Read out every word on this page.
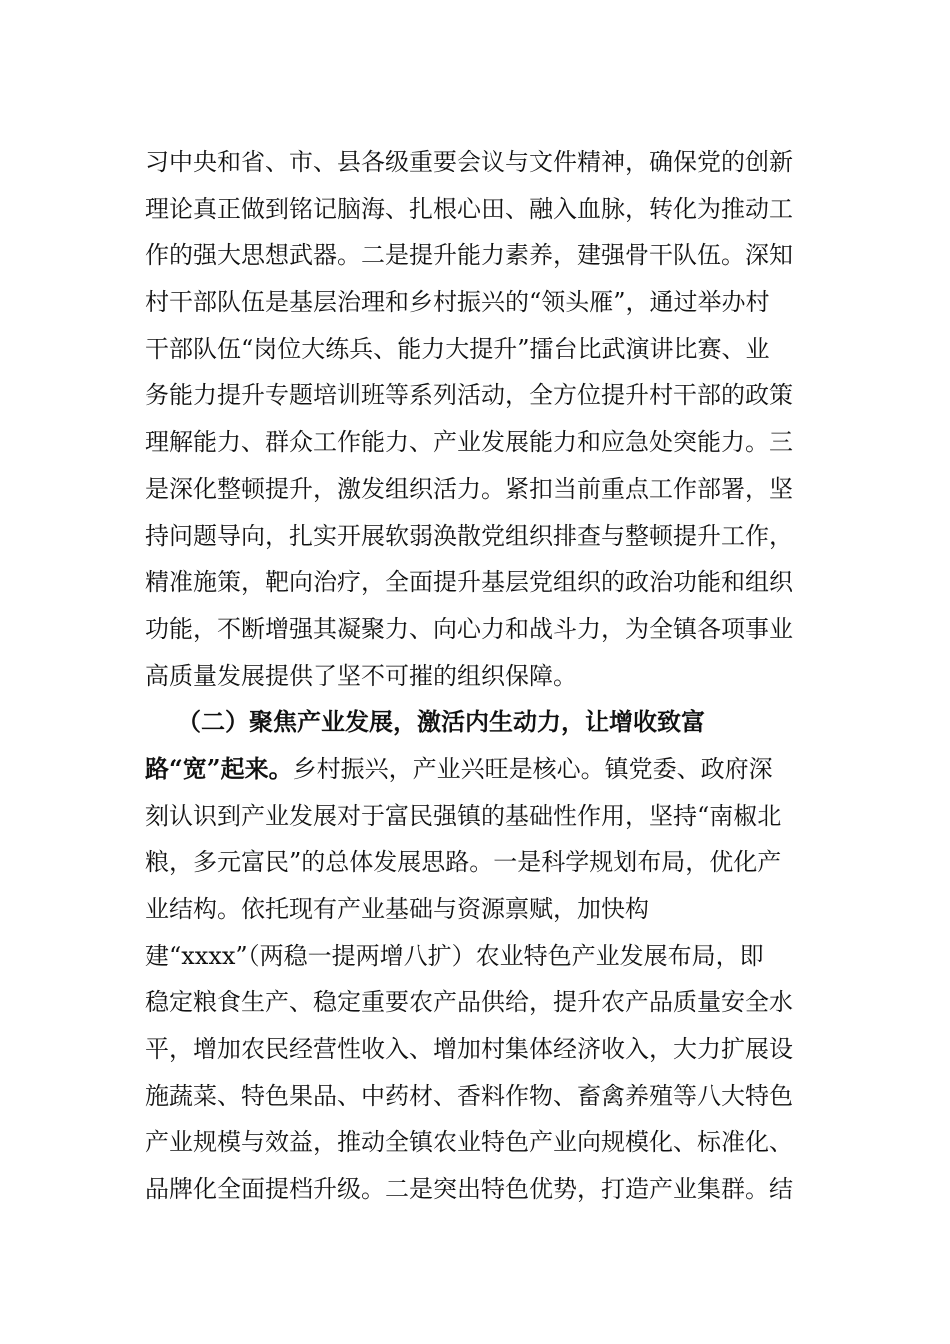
习中央和省、市、县各级重要会议与文件精神，确保党的创新
理论真正做到铭记脑海、扎根心田、融入血脉，转化为推动工
作的强大思想武器。二是提升能力素养，建强骨干队伍。深知
村干部队伍是基层治理和乡村振兴的“领头雁”，通过举办村
干部队伍“岗位大练兵、能力大提升”擂台比武演讲比赛、业
务能力提升专题培训班等系列活动，全方位提升村干部的政策
理解能力、群众工作能力、产业发展能力和应急处突能力。三
是深化整顿提升，激发组织活力。紧扣当前重点工作部署，坚
持问题导向，扎实开展软弱涣散党组织排查与整顿提升工作，
精准施策，靶向治疗，全面提升基层党组织的政治功能和组织
功能，不断增强其凝聚力、向心力和战斗力，为全镇各项事业
高质量发展提供了坚不可摧的组织保障。
（二）聚焦产业发展，激活内生动力，让增收致富
路“宽”起来。乡村振兴，产业兴旺是核心。镇党委、政府深
刻认识到产业发展对于富民强镇的基础性作用，坚持“南椒北
粮，多元富民”的总体发展思路。一是科学规划布局，优化产
业结构。依托现有产业基础与资源禀赋，加快构
建“xxxx”（两稳一提两增八扩）农业特色产业发展布局，即
稳定粮食生产、稳定重要农产品供给，提升农产品质量安全水
平，增加农民经营性收入、增加村集体经济收入，大力扩展设
施蔬菜、特色果品、中药材、香料作物、畜禽养殖等八大特色
产业规模与效益，推动全镇农业特色产业向规模化、标准化、
品牌化全面提档升级。二是突出特色优势，打造产业集群。结
